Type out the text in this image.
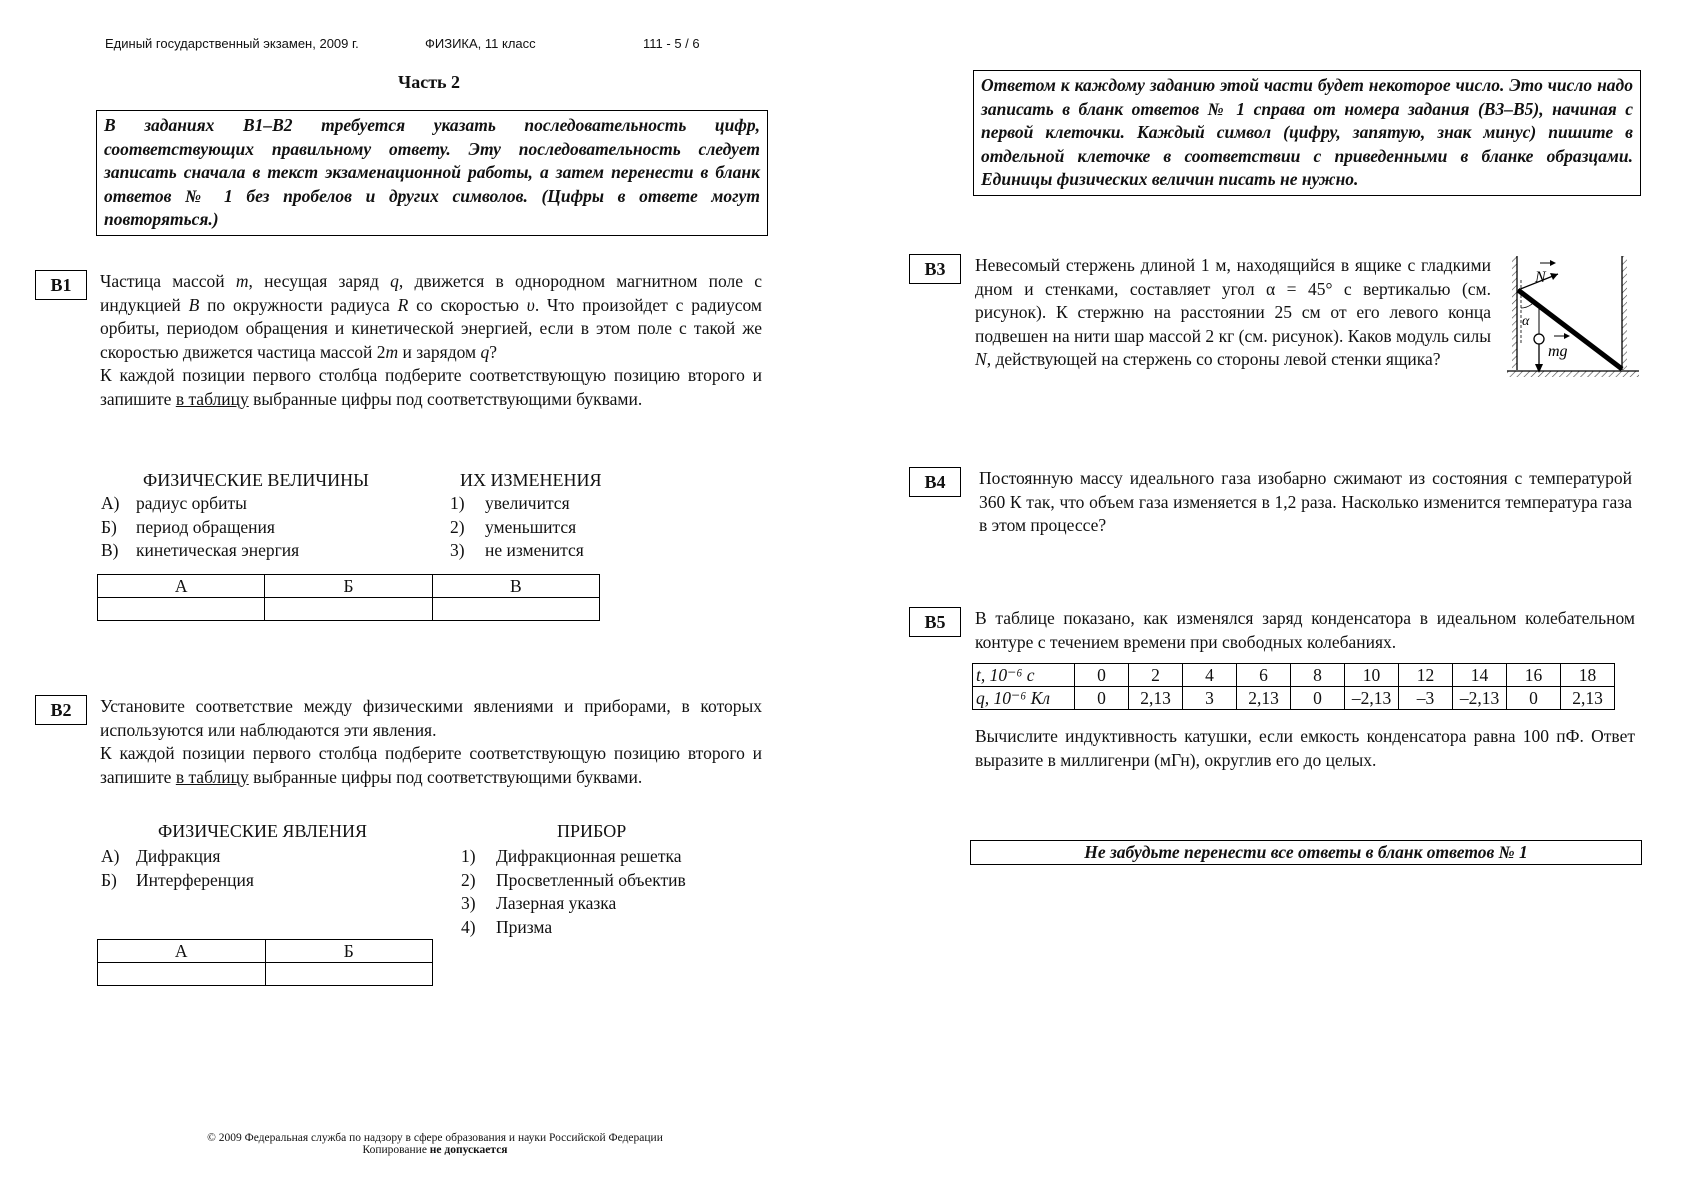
Единый государственный экзамен, 2009 г.	ФИЗИКА, 11 класс	111 - 5 / 6
Часть 2
В заданиях В1–В2 требуется указать последовательность цифр, соответствующих правильному ответу. Эту последовательность следует записать сначала в текст экзаменационной работы, а затем перенести в бланк ответов № 1 без пробелов и других символов. (Цифры в ответе могут повторяться.)
Ответом к каждому заданию этой части будет некоторое число. Это число надо записать в бланк ответов № 1 справа от номера задания (В3–В5), начиная с первой клеточки. Каждый символ (цифру, запятую, знак минус) пишите в отдельной клеточке в соответствии с приведенными в бланке образцами. Единицы физических величин писать не нужно.
В1	Частица массой m, несущая заряд q, движется в однородном магнитном поле с индукцией B по окружности радиуса R со скоростью υ. Что произойдет с радиусом орбиты, периодом обращения и кинетической энергией, если в этом поле с такой же скоростью движется частица массой 2m и зарядом q?

К каждой позиции первого столбца подберите соответствующую позицию второго и запишите в таблицу выбранные цифры под соответствующими буквами.

ФИЗИЧЕСКИЕ ВЕЛИЧИНЫ	ИХ ИЗМЕНЕНИЯ
А) радиус орбиты
Б) период обращения
В) кинетическая энергия
1) увеличится
2) уменьшится
3) не изменится
А	Б	В

В2	Установите соответствие между физическими явлениями и приборами, в которых используются или наблюдаются эти явления.

К каждой позиции первого столбца подберите соответствующую позицию второго и запишите в таблицу выбранные цифры под соответствующими буквами.

ФИЗИЧЕСКИЕ ЯВЛЕНИЯ	ПРИБОР
А) Дифракция
Б) Интерференция
1) Дифракционная решетка
2) Просветленный объектив
3) Лазерная указка
4) Призма
А	Б

В3	Невесомый стержень длиной 1 м, находящийся в ящике с гладкими дном и стенками, составляет угол α = 45° с вертикалью (см. рисунок). К стержню на расстоянии 25 см от его левого конца подвешен на нити шар массой 2 кг (см. рисунок). Каков модуль силы N, действующей на стержень со стороны левой стенки ящика?

α
N
mg
В4	Постоянную массу идеального газа изобарно сжимают из состояния с температурой 360 К так, что объем газа изменяется в 1,2 раза. Насколько изменится температура газа в этом процессе?
В5	В таблице показано, как изменялся заряд конденсатора в идеальном колебательном контуре с течением времени при свободных колебаниях.
t, 10⁻⁶ с	0	2	4	6	8	10	12	14	16	18
q, 10⁻⁶ Кл	0	2,13	3	2,13	0	–2,13	–3	–2,13	0	2,13
Вычислите индуктивность катушки, если емкость конденсатора равна 100 пФ. Ответ выразите в миллигенри (мГн), округлив его до целых.
Не забудьте перенести все ответы в бланк ответов № 1
© 2009 Федеральная служба по надзору в сфере образования и науки Российской Федерации
Копирование не допускается
